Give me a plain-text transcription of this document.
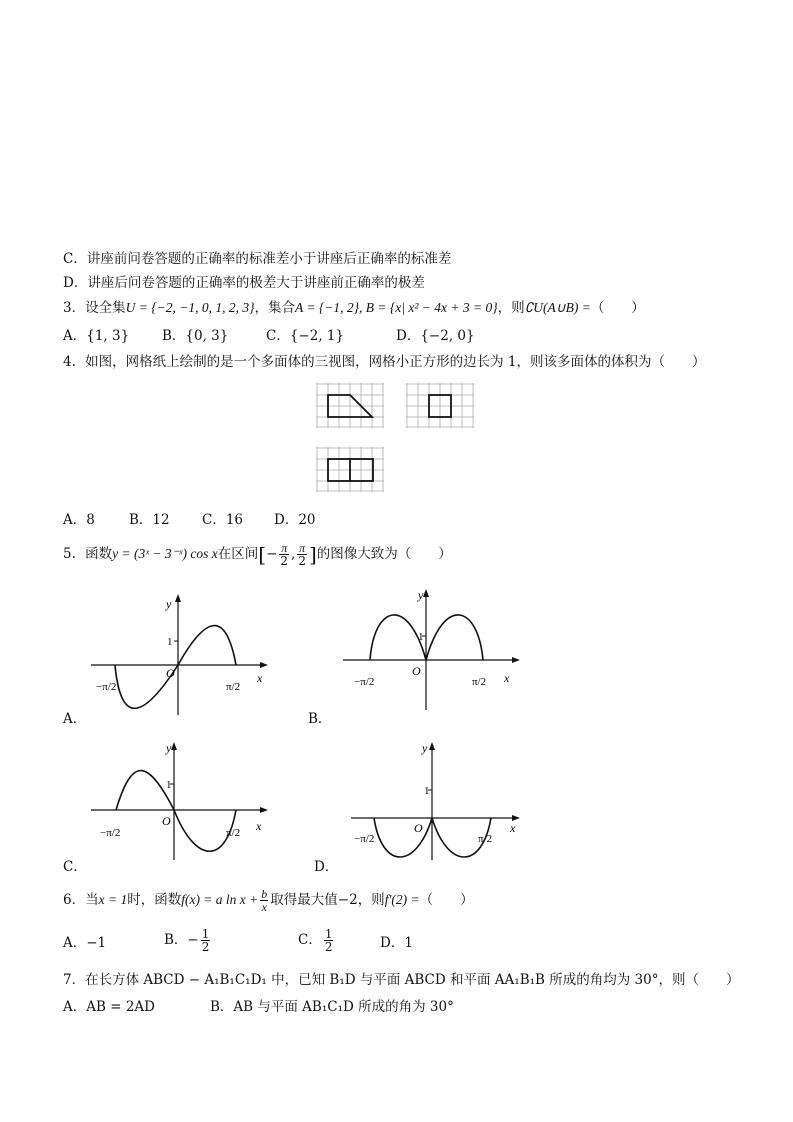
C．讲座前问卷答题的正确率的标准差小于讲座后正确率的标准差
D．讲座后问卷答题的正确率的极差大于讲座前正确率的极差
3．设全集U = {−2, −1, 0, 1, 2, 3}，集合A = {−1, 2}, B = {x| x² − 4x + 3 = 0}，则∁U(A∪B) =（　　）
A．{1, 3} B．{0, 3}	C．{−2, 1}	D．{−2, 0}
4．如图，网格纸上绘制的是一个多面体的三视图，网格小正方形的边长为 1，则该多面体的体积为（　　）
A．8	B．12 C．16 D．20
5．函数y = (3ˣ − 3⁻ˣ) cos x在区间[− $\frac{\pi}{2}$ , $\frac{\pi}{2}$ ]的图像大致为（　　）
y
1
O	x
−π/2	π/2
A．
y
1
O	x
−π/2	π/2
B．
y
1
O	x
−π/2	π/2
C．
y
1
O	x
−π/2	π/2
D．
6．当x = 1时，函数f(x) = a $\ln x + \frac{b}{x}$ 取得最大值−2，则f′(2) =（　　）
A．−1	B．− $\frac{1}{2}$	C． $\frac{1}{2}$	D．1
7．在长方体 ABCD − A₁B₁C₁D₁ 中，已知 B₁D 与平面 ABCD 和平面 AA₁B₁B 所成的角均为 30°，则（　　）
A．AB = 2AD	B．AB 与平面 AB₁C₁D 所成的角为 30°
